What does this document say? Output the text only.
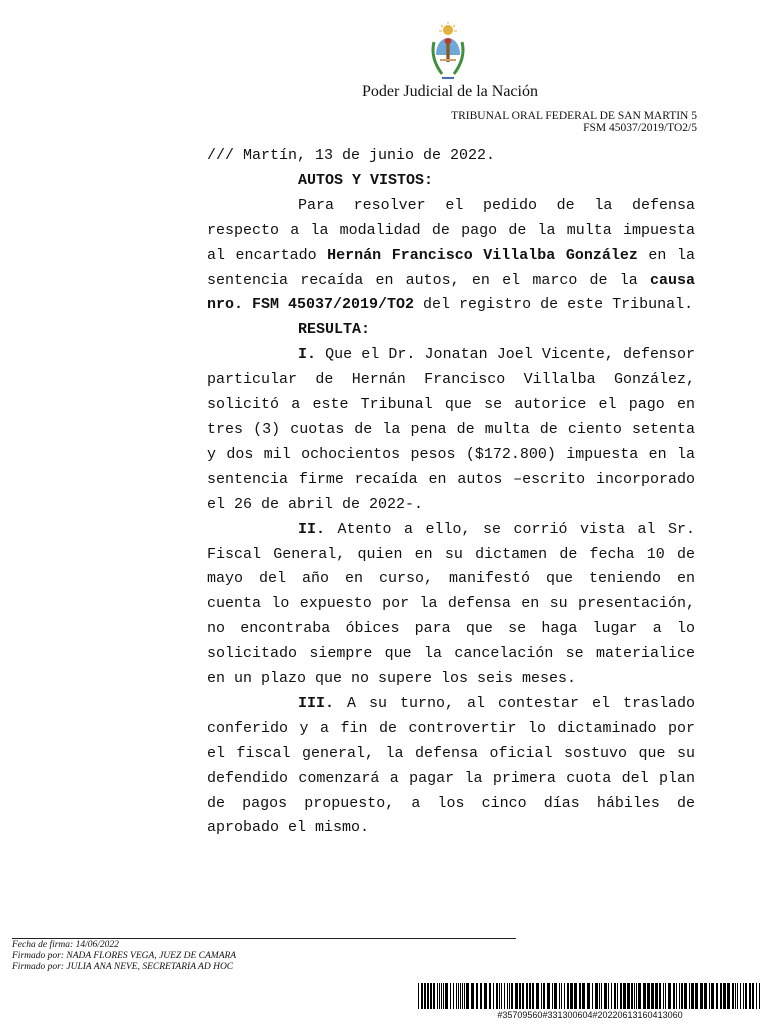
Poder Judicial de la Nación
TRIBUNAL ORAL FEDERAL DE SAN MARTIN 5
FSM 45037/2019/TO2/5

/// Martín, 13 de junio de 2022.

AUTOS Y VISTOS:

Para resolver el pedido de la defensa respecto a la modalidad de pago de la multa impuesta al encartado Hernán Francisco Villalba González en la sentencia recaída en autos, en el marco de la causa nro. FSM 45037/2019/TO2 del registro de este Tribunal.

RESULTA:

I. Que el Dr. Jonatan Joel Vicente, defensor particular de Hernán Francisco Villalba González, solicitó a este Tribunal que se autorice el pago en tres (3) cuotas de la pena de multa de ciento setenta y dos mil ochocientos pesos ($172.800) impuesta en la sentencia firme recaída en autos –escrito incorporado el 26 de abril de 2022-.

II. Atento a ello, se corrió vista al Sr. Fiscal General, quien en su dictamen de fecha 10 de mayo del año en curso, manifestó que teniendo en cuenta lo expuesto por la defensa en su presentación, no encontraba óbices para que se haga lugar a lo solicitado siempre que la cancelación se materialice en un plazo que no supere los seis meses.

III. A su turno, al contestar el traslado conferido y a fin de controvertir lo dictaminado por el fiscal general, la defensa oficial sostuvo que su defendido comenzará a pagar la primera cuota del plan de pagos propuesto, a los cinco días hábiles de aprobado el mismo.

Fecha de firma: 14/06/2022
Firmado por: NADA FLORES VEGA, JUEZ DE CAMARA
Firmado por: JULIA ANA NEVE, SECRETARIA AD HOC
#35709560#331300604#20220613160413060
